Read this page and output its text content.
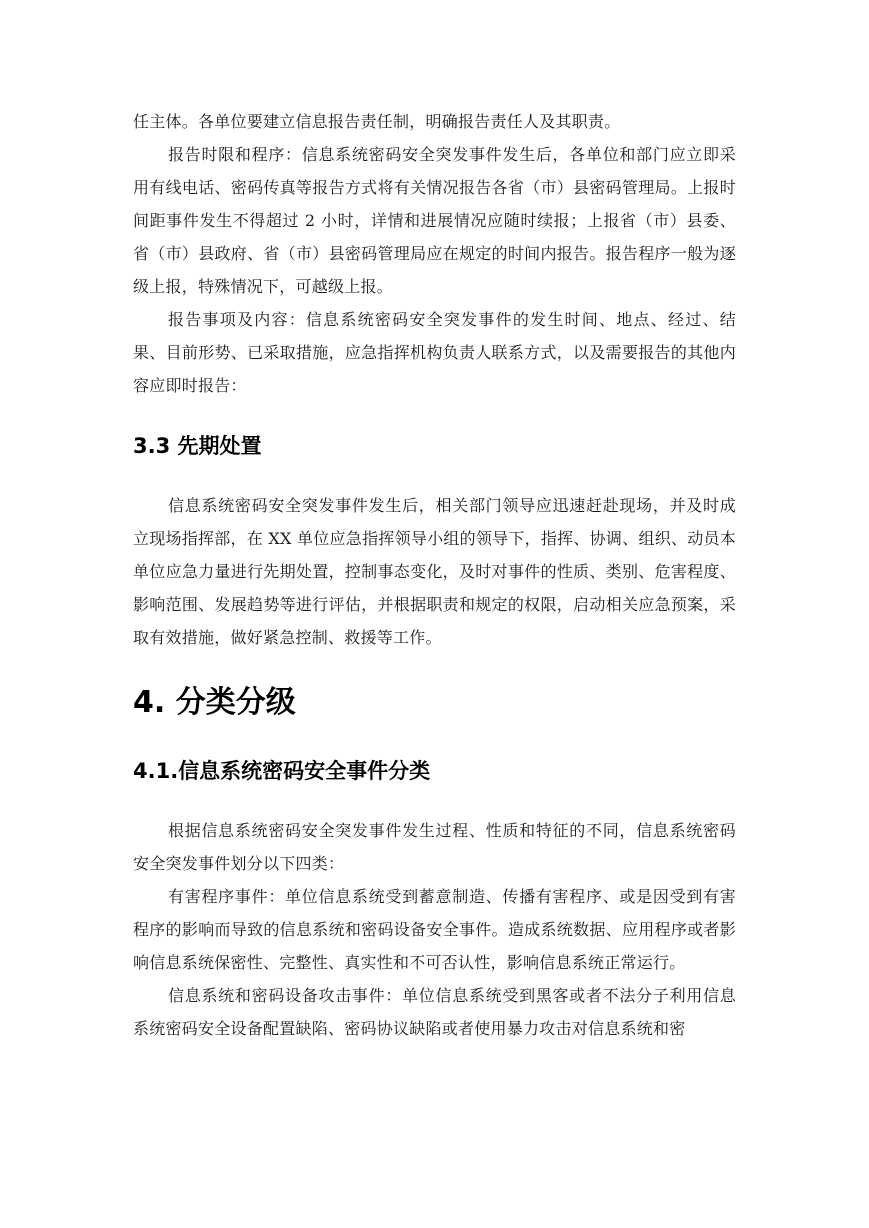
任主体。各单位要建立信息报告责任制，明确报告责任人及其职责。

报告时限和程序：信息系统密码安全突发事件发生后，各单位和部门应立即采用有线电话、密码传真等报告方式将有关情况报告各省（市）县密码管理局。上报时间距事件发生不得超过 2 小时，详情和进展情况应随时续报；上报省（市）县委、省（市）县政府、省（市）县密码管理局应在规定的时间内报告。报告程序一般为逐级上报，特殊情况下，可越级上报。

报告事项及内容：信息系统密码安全突发事件的发生时间、地点、经过、结果、目前形势、已采取措施，应急指挥机构负责人联系方式，以及需要报告的其他内容应即时报告：

3.3 先期处置

信息系统密码安全突发事件发生后，相关部门领导应迅速赶赴现场，并及时成立现场指挥部，在 XX 单位应急指挥领导小组的领导下，指挥、协调、组织、动员本单位应急力量进行先期处置，控制事态变化，及时对事件的性质、类别、危害程度、影响范围、发展趋势等进行评估，并根据职责和规定的权限，启动相关应急预案，采取有效措施，做好紧急控制、救援等工作。

4. 分类分级
4.1.信息系统密码安全事件分类

根据信息系统密码安全突发事件发生过程、性质和特征的不同，信息系统密码安全突发事件划分以下四类：

有害程序事件：单位信息系统受到蓄意制造、传播有害程序、或是因受到有害程序的影响而导致的信息系统和密码设备安全事件。造成系统数据、应用程序或者影响信息系统保密性、完整性、真实性和不可否认性，影响信息系统正常运行。

信息系统和密码设备攻击事件：单位信息系统受到黑客或者不法分子利用信息系统密码安全设备配置缺陷、密码协议缺陷或者使用暴力攻击对信息系统和密
